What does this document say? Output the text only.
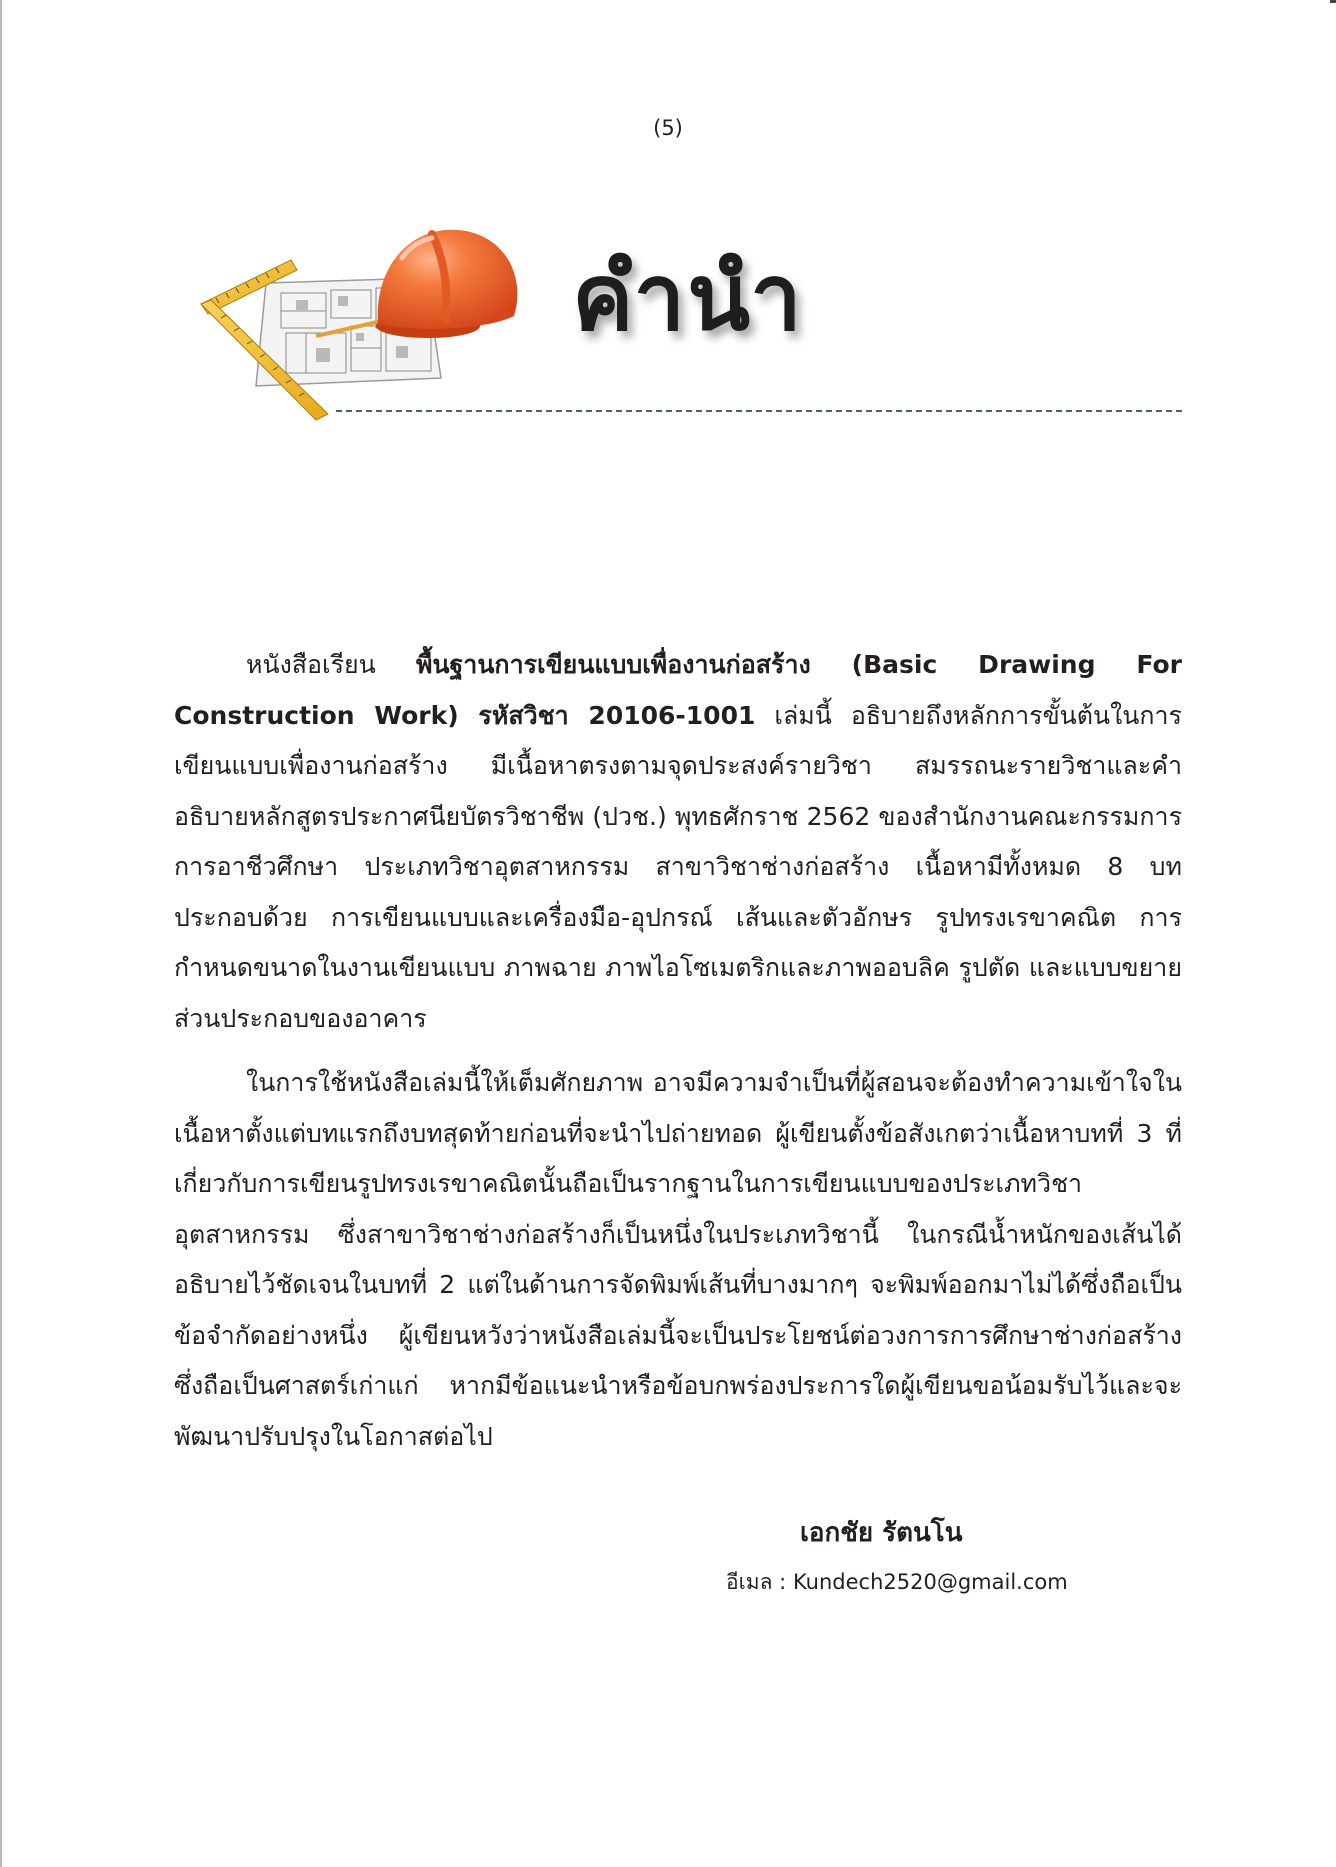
(5)
คำนำ

หนังสือเรียน พื้นฐานการเขียนแบบเพื่องานก่อสร้าง (Basic Drawing For Construction Work) รหัสวิชา 20106-1001 เล่มนี้ อธิบายถึงหลักการขั้นต้นในการเขียนแบบเพื่องานก่อสร้าง มีเนื้อหาตรงตามจุดประสงค์รายวิชา สมรรถนะรายวิชาและคำอธิบายหลักสูตรประกาศนียบัตรวิชาชีพ (ปวช.) พุทธศักราช 2562 ของสำนักงานคณะกรรมการการอาชีวศึกษา ประเภทวิชาอุตสาหกรรม สาขาวิชาช่างก่อสร้าง เนื้อหามีทั้งหมด 8 บท ประกอบด้วย การเขียนแบบและเครื่องมือ-อุปกรณ์ เส้นและตัวอักษร รูปทรงเรขาคณิต การกำหนดขนาดในงานเขียนแบบ ภาพฉาย ภาพไอโซเมตริกและภาพออบลิค รูปตัด และแบบขยายส่วนประกอบของอาคาร

ในการใช้หนังสือเล่มนี้ให้เต็มศักยภาพ อาจมีความจำเป็นที่ผู้สอนจะต้องทำความเข้าใจในเนื้อหาตั้งแต่บทแรกถึงบทสุดท้ายก่อนที่จะนำไปถ่ายทอด ผู้เขียนตั้งข้อสังเกตว่าเนื้อหาบทที่ 3 ที่เกี่ยวกับการเขียนรูปทรงเรขาคณิตนั้นถือเป็นรากฐานในการเขียนแบบของประเภทวิชาอุตสาหกรรม ซึ่งสาขาวิชาช่างก่อสร้างก็เป็นหนึ่งในประเภทวิชานี้ ในกรณีน้ำหนักของเส้นได้อธิบายไว้ชัดเจนในบทที่ 2 แต่ในด้านการจัดพิมพ์เส้นที่บางมากๆ จะพิมพ์ออกมาไม่ได้ซึ่งถือเป็นข้อจำกัดอย่างหนึ่ง ผู้เขียนหวังว่าหนังสือเล่มนี้จะเป็นประโยชน์ต่อวงการการศึกษาช่างก่อสร้างซึ่งถือเป็นศาสตร์เก่าแก่ หากมีข้อแนะนำหรือข้อบกพร่องประการใดผู้เขียนขอน้อมรับไว้และจะพัฒนาปรับปรุงในโอกาสต่อไป

เอกชัย รัตนโน
อีเมล : Kundech2520@gmail.com
